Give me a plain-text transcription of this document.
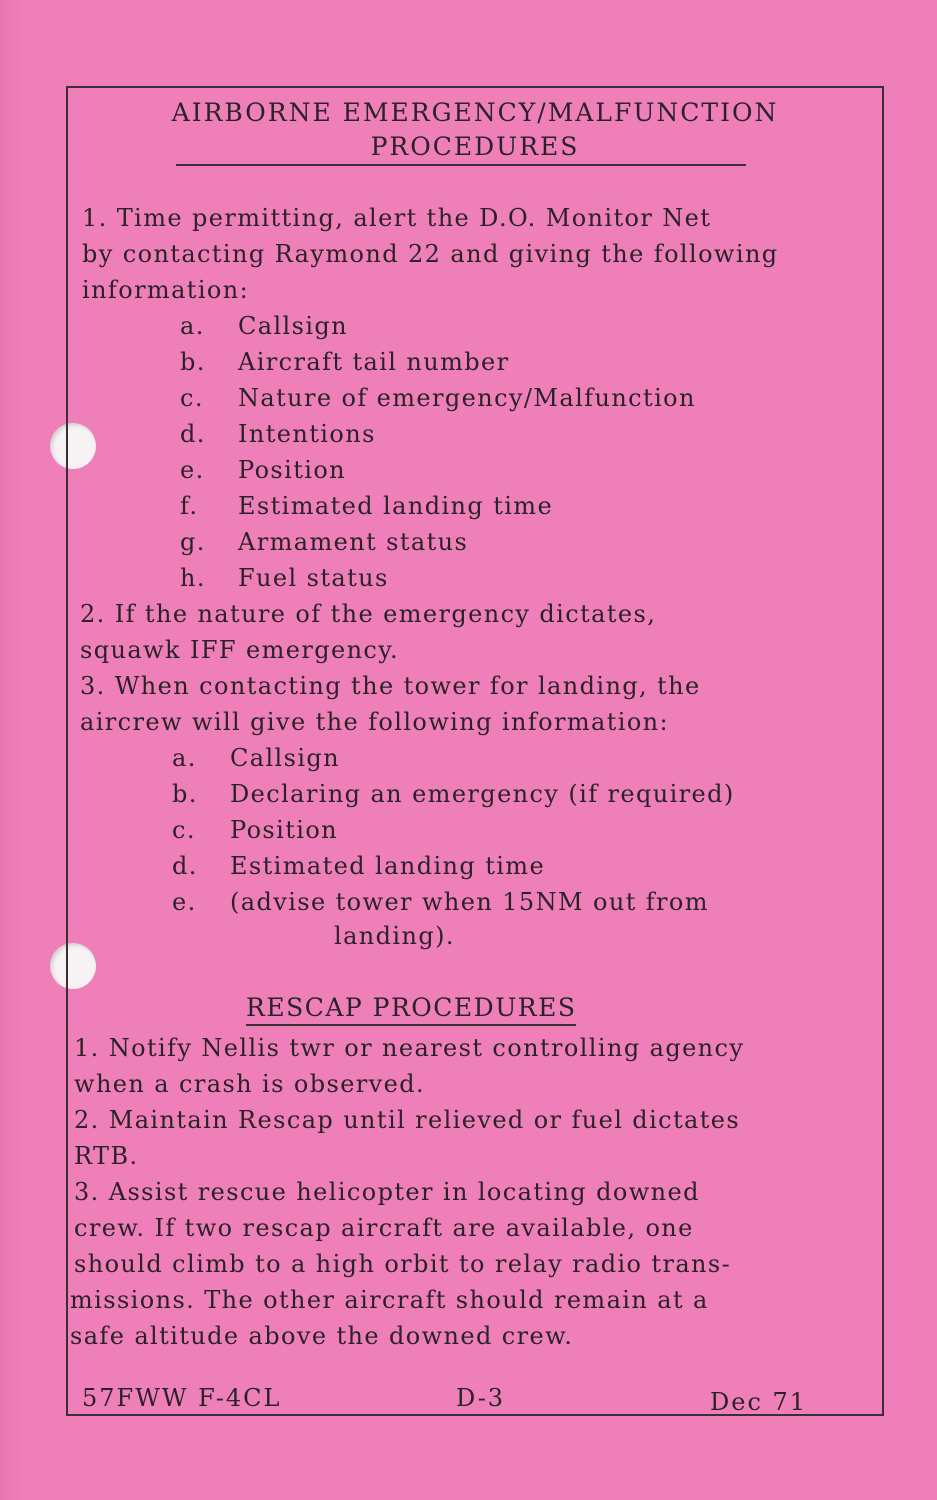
AIRBORNE EMERGENCY/MALFUNCTION
PROCEDURES
1. Time permitting, alert the D.O. Monitor Net
by contacting Raymond 22 and giving the following
information:
a. Callsign
b. Aircraft tail number
c. Nature of emergency/Malfunction
d. Intentions
e. Position
f. Estimated landing time
g. Armament status
h. Fuel status
2. If the nature of the emergency dictates,
squawk IFF emergency.
3. When contacting the tower for landing, the
aircrew will give the following information:
a. Callsign
b. Declaring an emergency (if required)
c. Position
d. Estimated landing time
e. (advise tower when 15NM out from
landing).
RESCAP PROCEDURES
1. Notify Nellis twr or nearest controlling agency
when a crash is observed.
2. Maintain Rescap until relieved or fuel dictates
RTB.
3. Assist rescue helicopter in locating downed
crew. If two rescap aircraft are available, one
should climb to a high orbit to relay radio trans-
missions. The other aircraft should remain at a
safe altitude above the downed crew.
57FWW F-4CL	D-3	Dec 71
